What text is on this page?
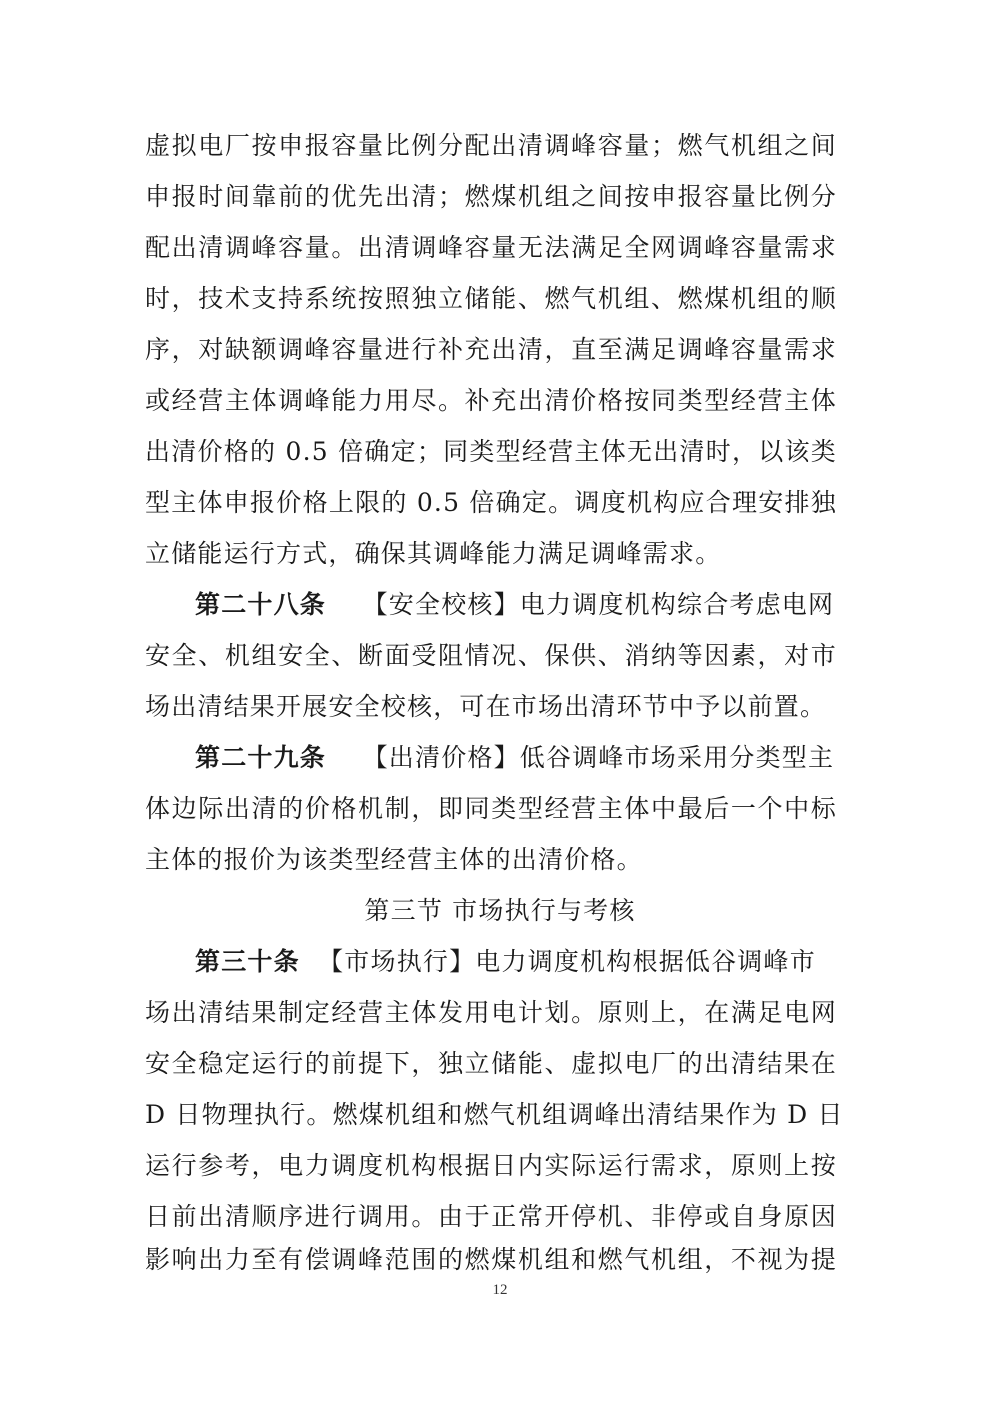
虚拟电厂按申报容量比例分配出清调峰容量；燃气机组之间
申报时间靠前的优先出清；燃煤机组之间按申报容量比例分
配出清调峰容量。出清调峰容量无法满足全网调峰容量需求
时，技术支持系统按照独立储能、燃气机组、燃煤机组的顺
序，对缺额调峰容量进行补充出清，直至满足调峰容量需求
或经营主体调峰能力用尽。补充出清价格按同类型经营主体
出清价格的 0.5 倍确定；同类型经营主体无出清时，以该类
型主体申报价格上限的 0.5 倍确定。调度机构应合理安排独
立储能运行方式，确保其调峰能力满足调峰需求。
第二十八条 【安全校核】电力调度机构综合考虑电网
安全、机组安全、断面受阻情况、保供、消纳等因素，对市
场出清结果开展安全校核，可在市场出清环节中予以前置。
第二十九条 【出清价格】低谷调峰市场采用分类型主
体边际出清的价格机制，即同类型经营主体中最后一个中标
主体的报价为该类型经营主体的出清价格。
第三节 市场执行与考核
第三十条 【市场执行】电力调度机构根据低谷调峰市
场出清结果制定经营主体发用电计划。原则上，在满足电网
安全稳定运行的前提下，独立储能、虚拟电厂的出清结果在
D 日物理执行。燃煤机组和燃气机组调峰出清结果作为 D 日
运行参考，电力调度机构根据日内实际运行需求，原则上按
日前出清顺序进行调用。由于正常开停机、非停或自身原因
影响出力至有偿调峰范围的燃煤机组和燃气机组，不视为提
12
